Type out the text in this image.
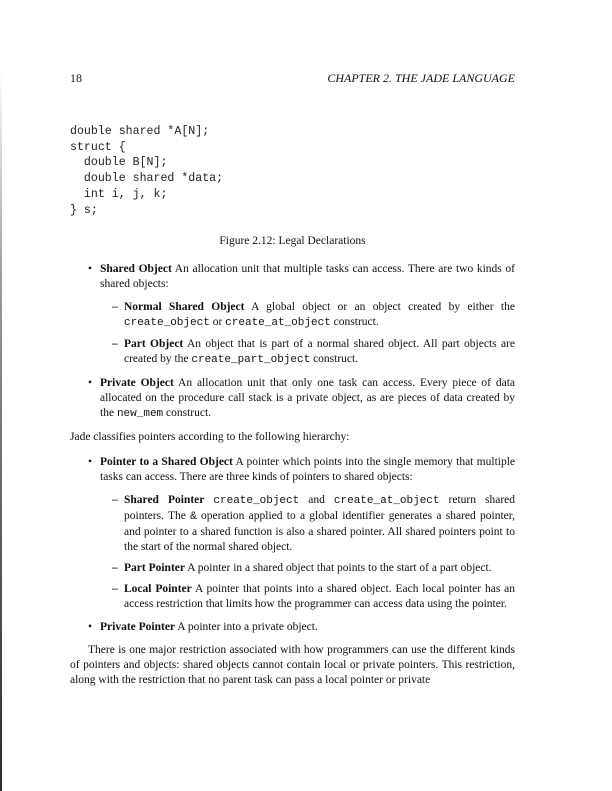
18	CHAPTER 2. THE JADE LANGUAGE
double shared *A[N];
struct {
double B[N];
double shared *data;
int i, j, k;
} s;
Figure 2.12: Legal Declarations
• Shared Object An allocation unit that multiple tasks can access. There are two kinds of shared objects:
– Normal Shared Object A global object or an object created by either the create_object or create_at_object construct.
– Part Object An object that is part of a normal shared object. All part objects are created by the create_part_object construct.
• Private Object An allocation unit that only one task can access. Every piece of data allocated on the procedure call stack is a private object, as are pieces of data created by the new_mem construct.

Jade classifies pointers according to the following hierarchy:

• Pointer to a Shared Object A pointer which points into the single memory that multiple tasks can access. There are three kinds of pointers to shared objects:
– Shared Pointer create_object and create_at_object return shared pointers. The & operation applied to a global identifier generates a shared pointer, and pointer to a shared function is also a shared pointer. All shared pointers point to the start of the normal shared object.
– Part Pointer A pointer in a shared object that points to the start of a part object.
– Local Pointer A pointer that points into a shared object. Each local pointer has an access restriction that limits how the programmer can access data using the pointer.
• Private Pointer A pointer into a private object.

There is one major restriction associated with how programmers can use the different kinds of pointers and objects: shared objects cannot contain local or private pointers. This restriction, along with the restriction that no parent task can pass a local pointer or private
